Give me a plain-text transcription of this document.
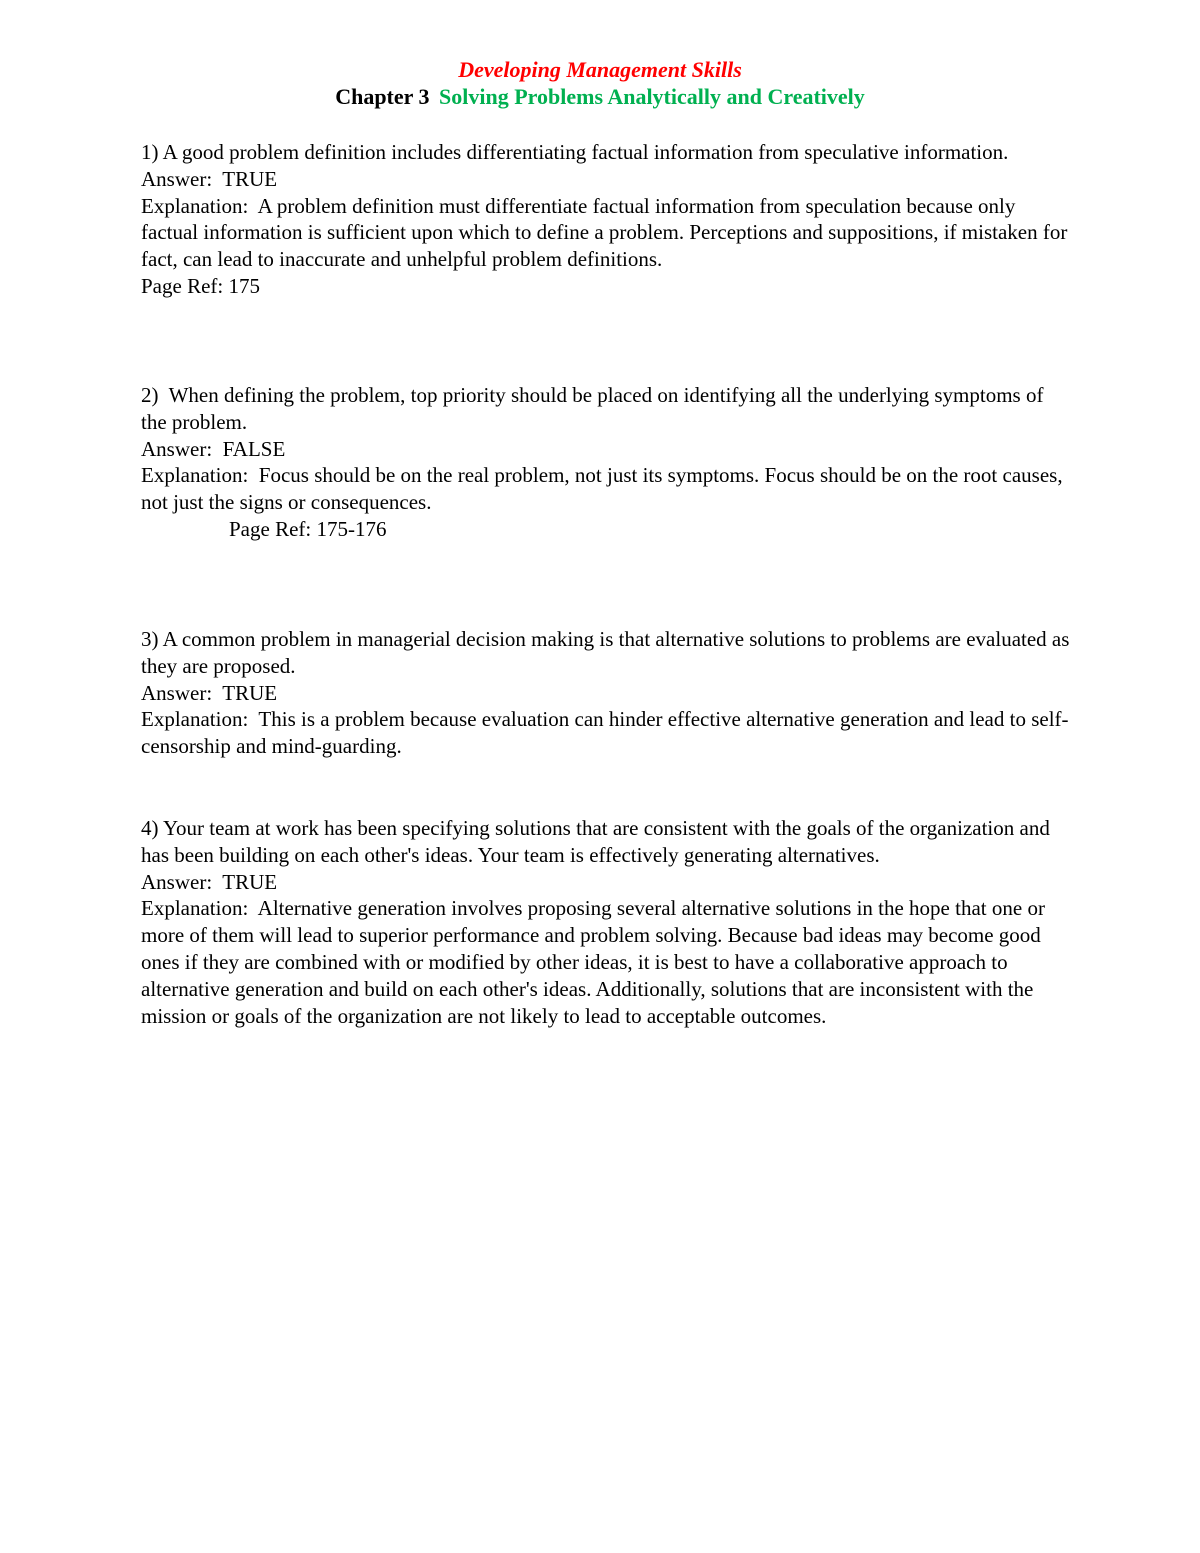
Developing Management Skills
Chapter 3 Solving Problems Analytically and Creatively

1) A good problem definition includes differentiating factual information from speculative information.

Answer:  TRUE

Explanation:  A problem definition must differentiate factual information from speculation because only factual information is sufficient upon which to define a problem. Perceptions and suppositions, if mistaken for fact, can lead to inaccurate and unhelpful problem definitions.

Page Ref: 175

2)  When defining the problem, top priority should be placed on identifying all the underlying symptoms of the problem.

Answer:  FALSE

Explanation:  Focus should be on the real problem, not just its symptoms. Focus should be on the root causes, not just the signs or consequences.

Page Ref: 175-176

3) A common problem in managerial decision making is that alternative solutions to problems are evaluated as they are proposed.

Answer:  TRUE

Explanation:  This is a problem because evaluation can hinder effective alternative generation and lead to self-censorship and mind-guarding.

4) Your team at work has been specifying solutions that are consistent with the goals of the organization and has been building on each other's ideas. Your team is effectively generating alternatives.

Answer:  TRUE

Explanation:  Alternative generation involves proposing several alternative solutions in the hope that one or more of them will lead to superior performance and problem solving. Because bad ideas may become good ones if they are combined with or modified by other ideas, it is best to have a collaborative approach to alternative generation and build on each other's ideas. Additionally, solutions that are inconsistent with the mission or goals of the organization are not likely to lead to acceptable outcomes.
